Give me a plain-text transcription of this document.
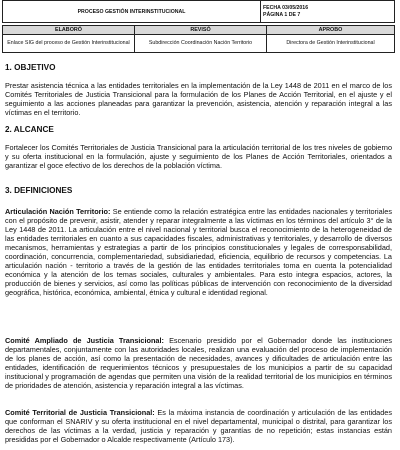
PROCESO GESTIÓN INTERINSTITUCIONAL	
FECHA 03/05/2016
PÁGINA 1 DE 7
ELABORÓ	REVISÓ	APROBO
Enlace SIG del proceso de Gestión Interinstitucional	Subdirección Coordinación Nación Territorio	Directora de Gestión Interinstitucional
1. OBJETIVO

Prestar asistencia técnica a las entidades territoriales en la implementación de la Ley 1448 de 2011 en el marco de los Comités Territoriales de Justicia Transicional para la formulación de los Planes de Acción Territorial, en el ajuste y el seguimiento a las acciones planeadas para garantizar la prevención, asistencia, atención y reparación integral a las víctimas en el territorio.

2. ALCANCE

Fortalecer los Comités Territoriales de Justicia Transicional para la articulación territorial de los tres niveles de gobierno y su oferta institucional en la formulación, ajuste y seguimiento de los Planes de Acción Territoriales, orientados a garantizar el goce efectivo de los derechos de la población víctima.

3. DEFINICIONES

Articulación Nación Territorio: Se entiende como la relación estratégica entre las entidades nacionales y territoriales con el propósito de prevenir, asistir, atender y reparar integralmente a las víctimas en los términos del artículo 3° de la Ley 1448 de 2011. La articulación entre el nivel nacional y territorial busca el reconocimiento de la heterogeneidad de las entidades territoriales en cuanto a sus capacidades fiscales, administrativas y territoriales, y desarrollo de diversos mecanismos, herramientas y estrategias a partir de los principios constitucionales y legales de corresponsabilidad, coordinación, concurrencia, complementariedad, subsidiariedad, eficiencia, equilibrio de recursos y competencias. La articulación nación - territorio a través de la gestión de las entidades territoriales toma en cuenta la potencialidad económica y la atención de los temas sociales, culturales y ambientales. Para esto integra espacios, actores, la producción de bienes y servicios, así como las políticas públicas de intervención con reconocimiento de la diversidad geográfica, histórica, económica, ambiental, étnica y cultural e identidad regional.

Comité Ampliado de Justicia Transicional: Escenario presidido por el Gobernador donde las instituciones departamentales, conjuntamente con las autoridades locales, realizan una evaluación del proceso de implementación de los planes de acción, así como la presentación de necesidades, avances y dificultades de articulación entre las entidades, identificación de requerimientos técnicos y presupuestales de los municipios a partir de su capacidad institucional y programación de agendas que permiten una visión de la realidad territorial de los municipios en términos de prioridades de atención, asistencia y reparación integral a las víctimas.

Comité Territorial de Justicia Transicional: Es la máxima instancia de coordinación y articulación de las entidades que conforman el SNARIV y su oferta institucional en el nivel departamental, municipal o distrital, para garantizar los derechos de las víctimas a la verdad, justicia y reparación y garantías de no repetición; estas instancias están presididas por el Gobernador o Alcalde respectivamente (Artículo 173).
